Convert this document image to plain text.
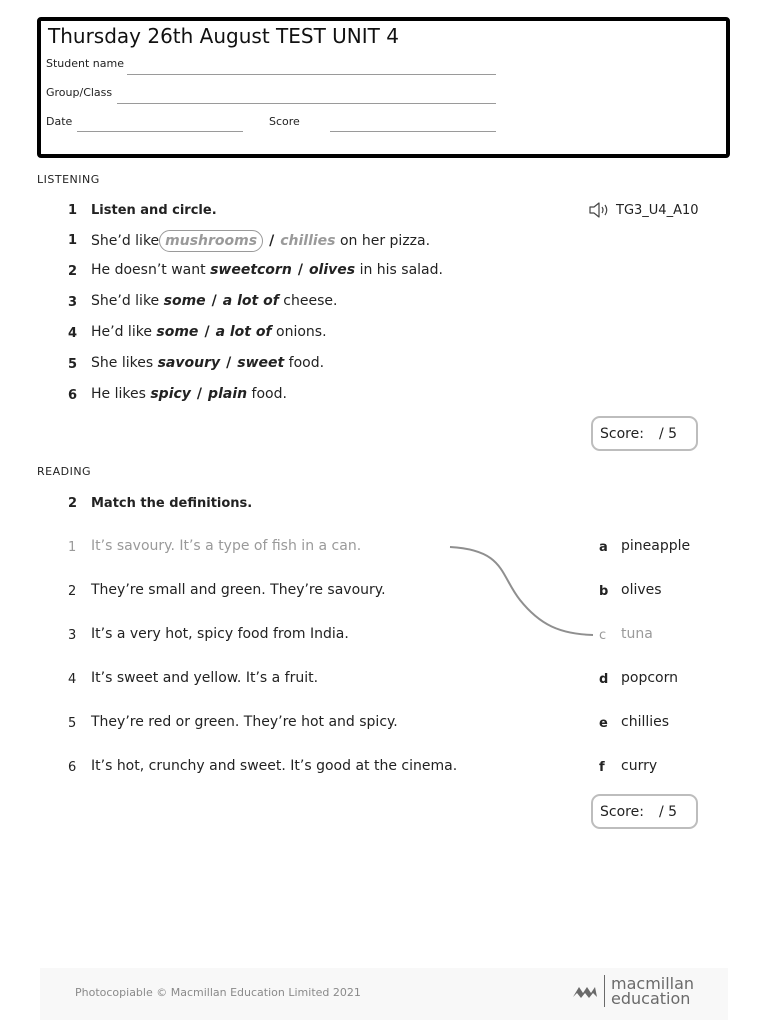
Thursday 26th August TEST UNIT 4
Student name
Group/Class
Date	Score
LISTENING
1 Listen and circle.	TG3_U4_A10
1 She’d like mushrooms / chillies on her pizza.
2 He doesn’t want sweetcorn / olives in his salad.
3 She’d like some / a lot of cheese.
4 He’d like some / a lot of onions.
5 She likes savoury / sweet food.
6 He likes spicy / plain food.
Score:	/ 5
READING
2 Match the definitions.
1 It’s savoury. It’s a type of fish in a can.
2 They’re small and green. They’re savoury.
3 It’s a very hot, spicy food from India.
4 It’s sweet and yellow. It’s a fruit.
5 They’re red or green. They’re hot and spicy.
6 It’s hot, crunchy and sweet. It’s good at the cinema.
a pineapple
b olives
c tuna
d popcorn
e chillies
f curry
Score:	/ 5
Photocopiable © Macmillan Education Limited 2021	macmillan
education
